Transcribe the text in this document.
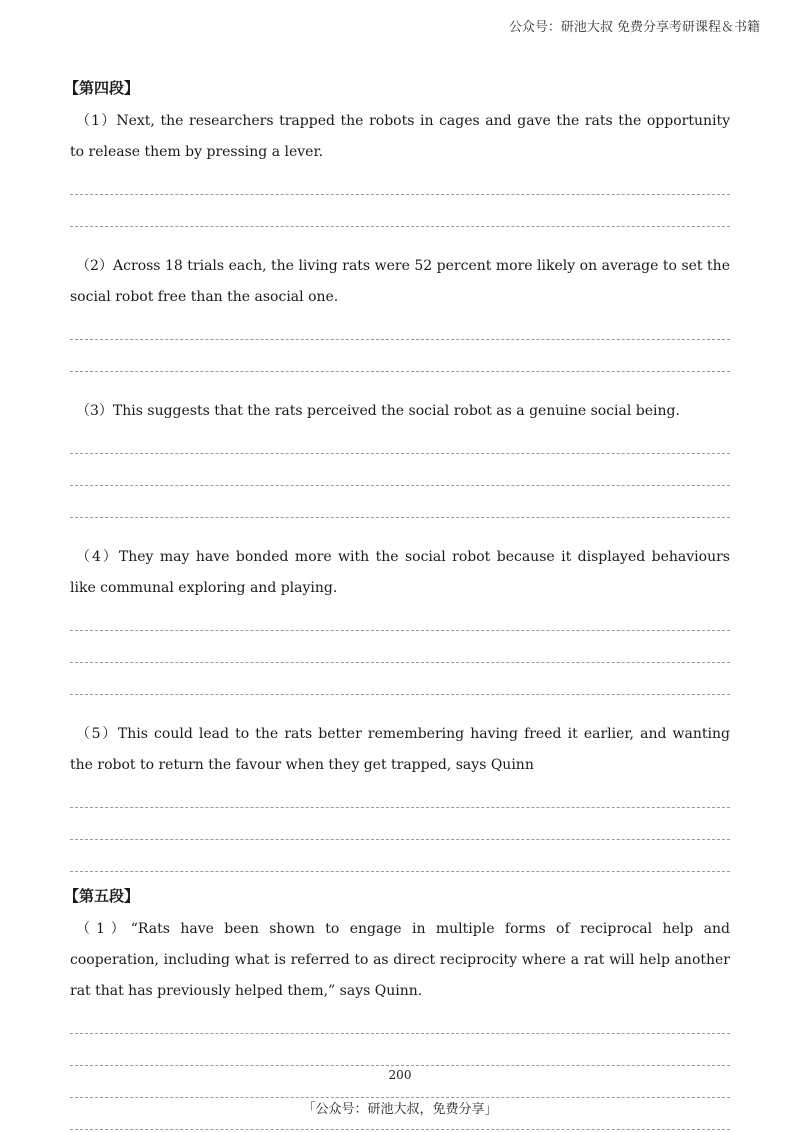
公众号：研池大叔 免费分享考研课程＆书籍
【第四段】

（1）Next, the researchers trapped the robots in cages and gave the rats the opportunity to release them by pressing a lever.

（2）Across 18 trials each, the living rats were 52 percent more likely on average to set the social robot free than the asocial one.

（3）This suggests that the rats perceived the social robot as a genuine social being.

（4）They may have bonded more with the social robot because it displayed behaviours like communal exploring and playing.

（5）This could lead to the rats better remembering having freed it earlier, and wanting the robot to return the favour when they get trapped, says Quinn

【第五段】

（1）“Rats have been shown to engage in multiple forms of reciprocal help and cooperation, including what is referred to as direct reciprocity where a rat will help another rat that has previously helped them,” says Quinn.

200
「公众号：研池大叔，免费分享」
